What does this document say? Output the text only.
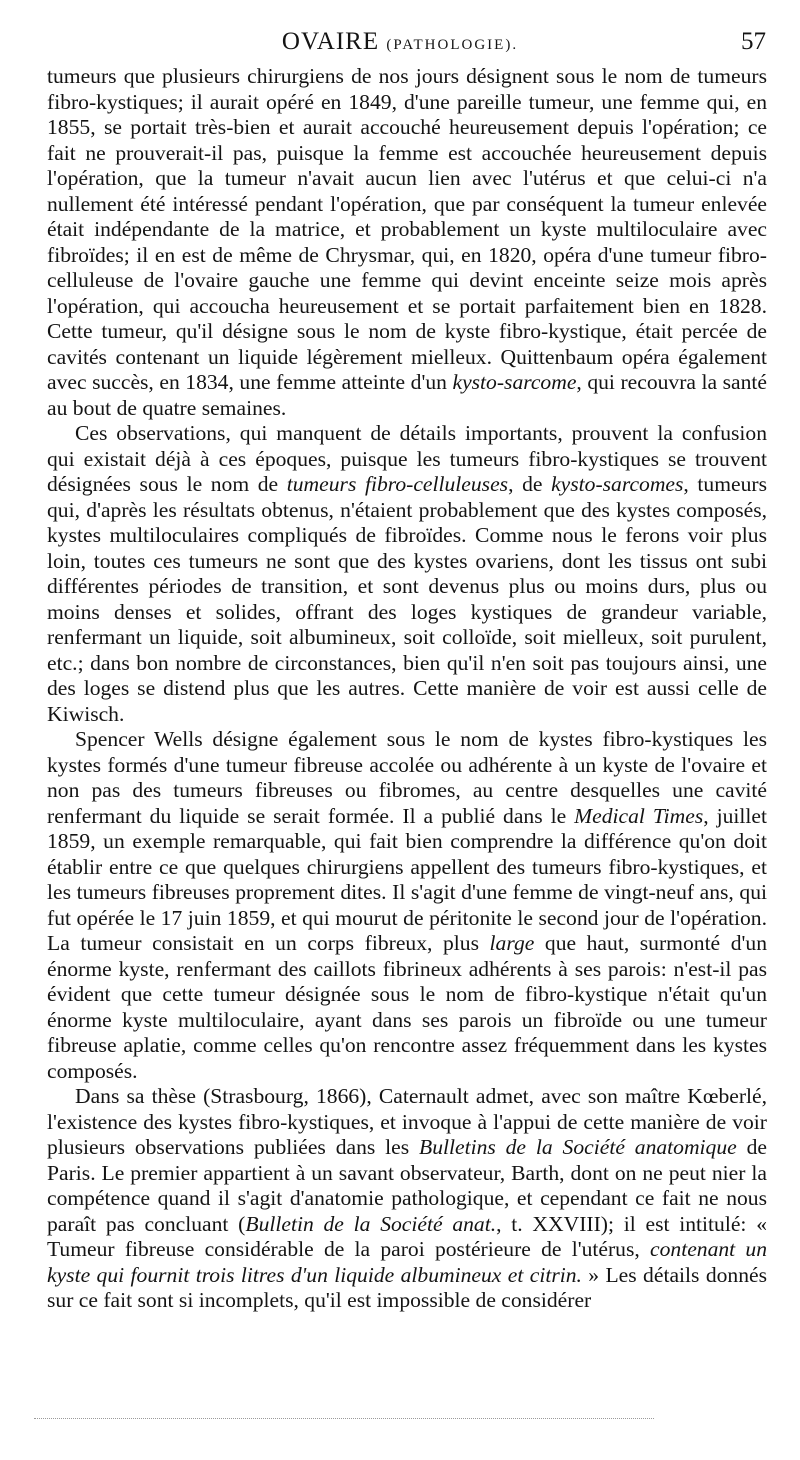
OVAIRE (PATHOLOGIE).	57

tumeurs que plusieurs chirurgiens de nos jours désignent sous le nom de tumeurs fibro-kystiques; il aurait opéré en 1849, d'une pareille tumeur, une femme qui, en 1855, se portait très-bien et aurait accouché heureusement depuis l'opération; ce fait ne prouverait-il pas, puisque la femme est accouchée heureusement depuis l'opération, que la tumeur n'avait aucun lien avec l'utérus et que celui-ci n'a nullement été intéressé pendant l'opération, que par conséquent la tumeur enlevée était indépendante de la matrice, et probablement un kyste multiloculaire avec fibroïdes; il en est de même de Chrysmar, qui, en 1820, opéra d'une tumeur fibro-celluleuse de l'ovaire gauche une femme qui devint enceinte seize mois après l'opération, qui accoucha heureusement et se portait parfaitement bien en 1828. Cette tumeur, qu'il désigne sous le nom de kyste fibro-kystique, était percée de cavités contenant un liquide légèrement mielleux. Quittenbaum opéra également avec succès, en 1834, une femme atteinte d'un kysto-sarcome, qui recouvra la santé au bout de quatre semaines.

Ces observations, qui manquent de détails importants, prouvent la confusion qui existait déjà à ces époques, puisque les tumeurs fibro-kystiques se trouvent désignées sous le nom de tumeurs fibro-celluleuses, de kysto-sarcomes, tumeurs qui, d'après les résultats obtenus, n'étaient probablement que des kystes composés, kystes multiloculaires compliqués de fibroïdes. Comme nous le ferons voir plus loin, toutes ces tumeurs ne sont que des kystes ovariens, dont les tissus ont subi différentes périodes de transition, et sont devenus plus ou moins durs, plus ou moins denses et solides, offrant des loges kystiques de grandeur variable, renfermant un liquide, soit albumineux, soit colloïde, soit mielleux, soit purulent, etc.; dans bon nombre de circonstances, bien qu'il n'en soit pas toujours ainsi, une des loges se distend plus que les autres. Cette manière de voir est aussi celle de Kiwisch.

Spencer Wells désigne également sous le nom de kystes fibro-kystiques les kystes formés d'une tumeur fibreuse accolée ou adhérente à un kyste de l'ovaire et non pas des tumeurs fibreuses ou fibromes, au centre desquelles une cavité renfermant du liquide se serait formée. Il a publié dans le Medical Times, juillet 1859, un exemple remarquable, qui fait bien comprendre la différence qu'on doit établir entre ce que quelques chirurgiens appellent des tumeurs fibro-kystiques, et les tumeurs fibreuses proprement dites. Il s'agit d'une femme de vingt-neuf ans, qui fut opérée le 17 juin 1859, et qui mourut de péritonite le second jour de l'opération. La tumeur consistait en un corps fibreux, plus large que haut, surmonté d'un énorme kyste, renfermant des caillots fibrineux adhérents à ses parois: n'est-il pas évident que cette tumeur désignée sous le nom de fibro-kystique n'était qu'un énorme kyste multiloculaire, ayant dans ses parois un fibroïde ou une tumeur fibreuse aplatie, comme celles qu'on rencontre assez fréquemment dans les kystes composés.

Dans sa thèse (Strasbourg, 1866), Caternault admet, avec son maître Kœberlé, l'existence des kystes fibro-kystiques, et invoque à l'appui de cette manière de voir plusieurs observations publiées dans les Bulletins de la Société anatomique de Paris. Le premier appartient à un savant observateur, Barth, dont on ne peut nier la compétence quand il s'agit d'anatomie pathologique, et cependant ce fait ne nous paraît pas concluant (Bulletin de la Société anat., t. XXVIII); il est intitulé: « Tumeur fibreuse considérable de la paroi postérieure de l'utérus, contenant un kyste qui fournit trois litres d'un liquide albumineux et citrin. » Les détails donnés sur ce fait sont si incomplets, qu'il est impossible de considérer
